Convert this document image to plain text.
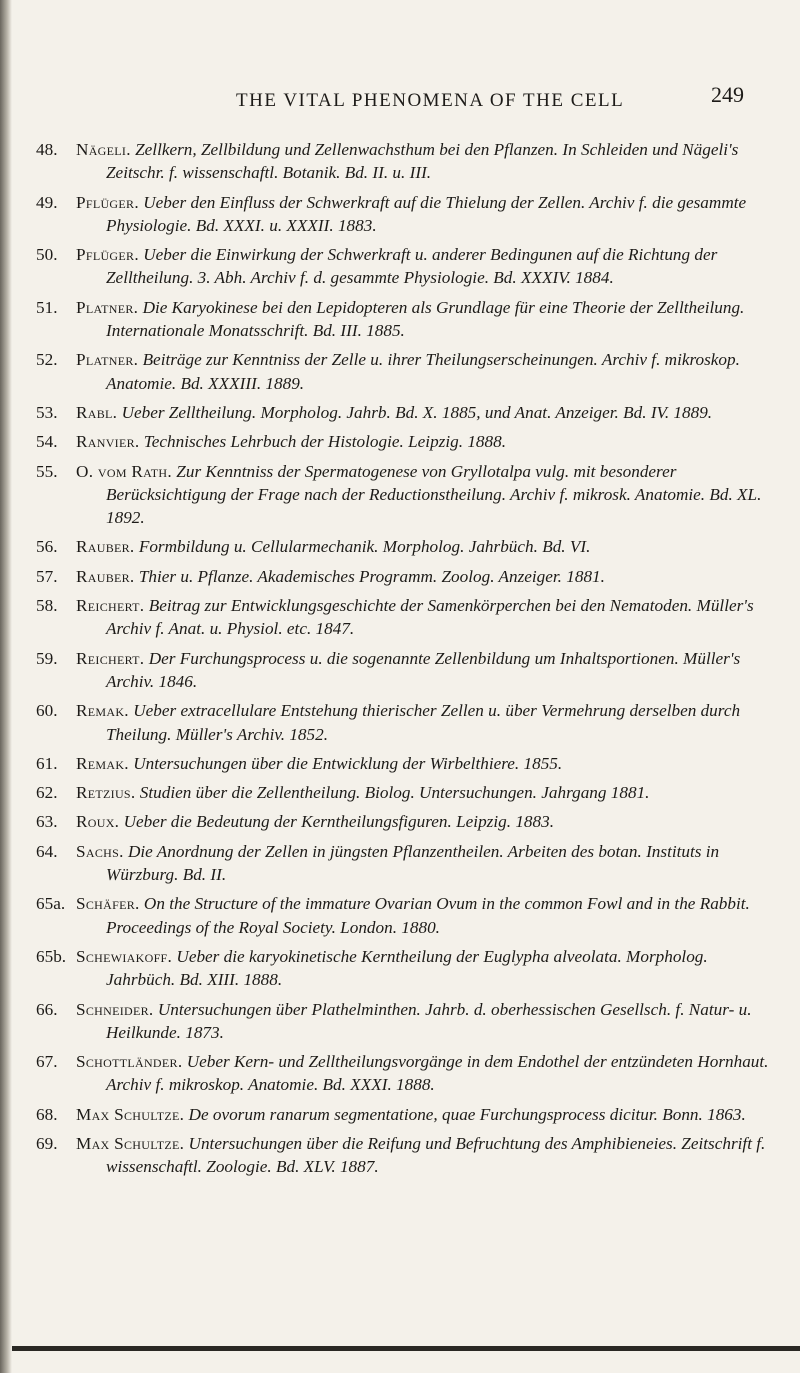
THE VITAL PHENOMENA OF THE CELL	249
48.	Nägeli. Zellkern, Zellbildung und Zellenwachsthum bei den Pflanzen. In Schleiden und Nägeli's Zeitschr. f. wissenschaftl. Botanik. Bd. II. u. III.
49.	Pflüger. Ueber den Einfluss der Schwerkraft auf die Thielung der Zellen. Archiv f. die gesammte Physiologie. Bd. XXXI. u. XXXII. 1883.
50.	Pflüger. Ueber die Einwirkung der Schwerkraft u. anderer Bedingunen auf die Richtung der Zelltheilung. 3. Abh. Archiv f. d. gesammte Physiologie. Bd. XXXIV. 1884.
51.	Platner. Die Karyokinese bei den Lepidopteren als Grundlage für eine Theorie der Zelltheilung. Internationale Monatsschrift. Bd. III. 1885.
52.	Platner. Beiträge zur Kenntniss der Zelle u. ihrer Theilungserscheinungen. Archiv f. mikroskop. Anatomie. Bd. XXXIII. 1889.
53.	Rabl. Ueber Zelltheilung. Morpholog. Jahrb. Bd. X. 1885, und Anat. Anzeiger. Bd. IV. 1889.
54.	Ranvier. Technisches Lehrbuch der Histologie. Leipzig. 1888.
55.	O. vom Rath. Zur Kenntniss der Spermatogenese von Gryllotalpa vulg. mit besonderer Berücksichtigung der Frage nach der Reductionstheilung. Archiv f. mikrosk. Anatomie. Bd. XL. 1892.
56.	Rauber. Formbildung u. Cellularmechanik. Morpholog. Jahrbüch. Bd. VI.
57.	Rauber. Thier u. Pflanze. Akademisches Programm. Zoolog. Anzeiger. 1881.
58.	Reichert. Beitrag zur Entwicklungsgeschichte der Samenkörperchen bei den Nematoden. Müller's Archiv f. Anat. u. Physiol. etc. 1847.
59.	Reichert. Der Furchungsprocess u. die sogenannte Zellenbildung um Inhaltsportionen. Müller's Archiv. 1846.
60.	Remak. Ueber extracellulare Entstehung thierischer Zellen u. über Vermehrung derselben durch Theilung. Müller's Archiv. 1852.
61.	Remak. Untersuchungen über die Entwicklung der Wirbelthiere. 1855.
62.	Retzius. Studien über die Zellentheilung. Biolog. Untersuchungen. Jahrgang 1881.
63.	Roux. Ueber die Bedeutung der Kerntheilungsfiguren. Leipzig. 1883.
64.	Sachs. Die Anordnung der Zellen in jüngsten Pflanzentheilen. Arbeiten des botan. Instituts in Würzburg. Bd. II.
65a. Schäfer. On the Structure of the immature Ovarian Ovum in the common Fowl and in the Rabbit. Proceedings of the Royal Society. London. 1880.
65b. Schewiakoff. Ueber die karyokinetische Kerntheilung der Euglypha alveolata. Morpholog. Jahrbüch. Bd. XIII. 1888.
66.	Schneider. Untersuchungen über Plathelminthen. Jahrb. d. oberhessischen Gesellsch. f. Natur- u. Heilkunde. 1873.
67.	Schottländer. Ueber Kern- und Zelltheilungsvorgänge in dem Endothel der entzündeten Hornhaut. Archiv f. mikroskop. Anatomie. Bd. XXXI. 1888.
68.	Max Schultze. De ovorum ranarum segmentatione, quae Furchungsprocess dicitur. Bonn. 1863.
69.	Max Schultze. Untersuchungen über die Reifung und Befruchtung des Amphibieneies. Zeitschrift f. wissenschaftl. Zoologie. Bd. XLV. 1887.
